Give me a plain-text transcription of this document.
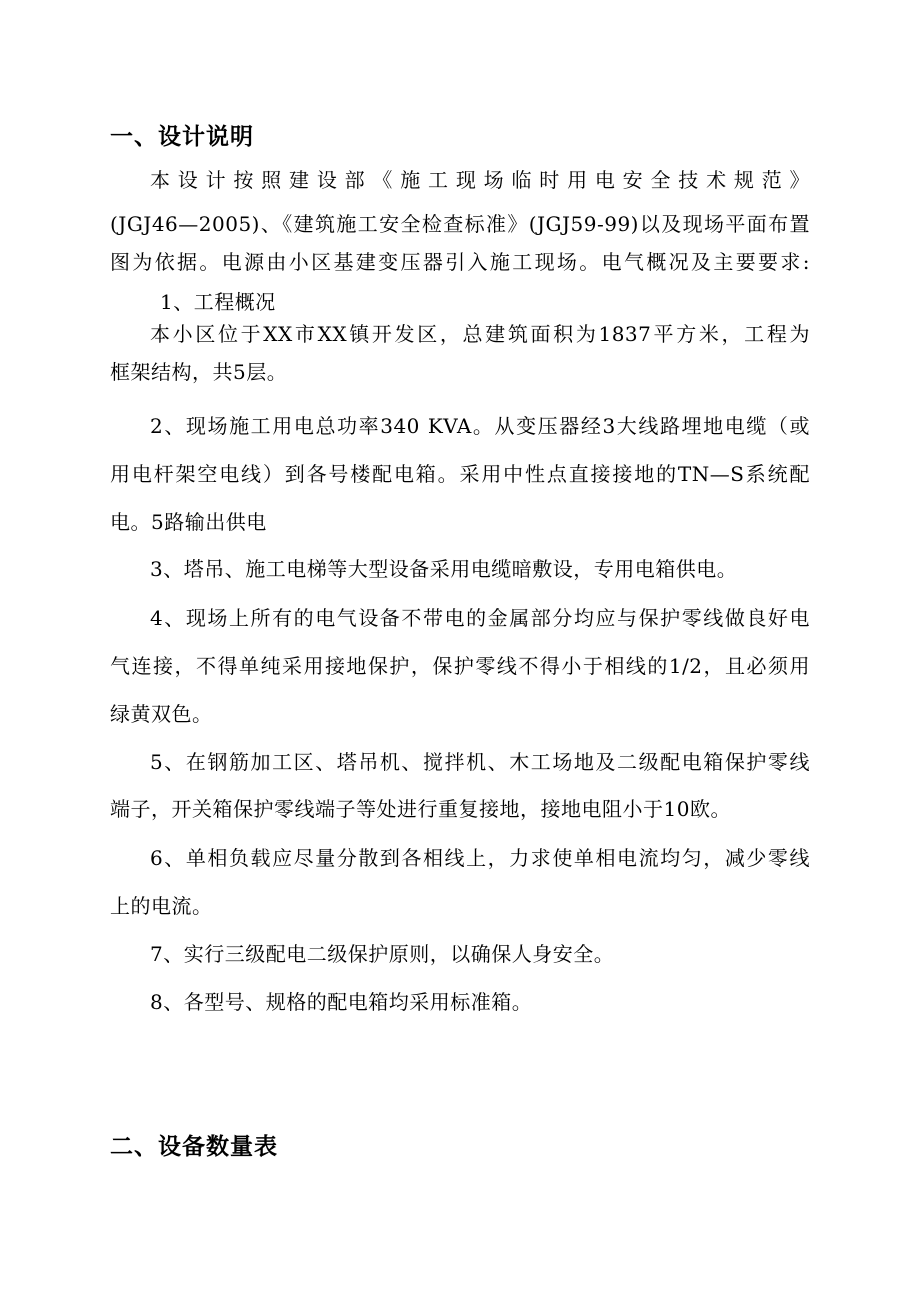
一、设计说明
本设计按照建设部《施工现场临时用电安全技术规范》
(JGJ46—2005)、《建筑施工安全检查标准》(JGJ59-99)以及现场平面布置
图为依据。电源由小区基建变压器引入施工现场。电气概况及主要要求:
1、工程概况
本小区位于XX市XX镇开发区，总建筑面积为1837平方米，工程为
框架结构，共5层。
2、现场施工用电总功率340 KVA。从变压器经3大线路埋地电缆（或
用电杆架空电线）到各号楼配电箱。采用中性点直接接地的TN—S系统配
电。5路输出供电
3、塔吊、施工电梯等大型设备采用电缆暗敷设，专用电箱供电。
4、现场上所有的电气设备不带电的金属部分均应与保护零线做良好电
气连接，不得单纯采用接地保护，保护零线不得小于相线的1/2，且必须用
绿黄双色。
5、在钢筋加工区、塔吊机、搅拌机、木工场地及二级配电箱保护零线
端子，开关箱保护零线端子等处进行重复接地，接地电阻小于10欧。
6、单相负载应尽量分散到各相线上，力求使单相电流均匀，减少零线
上的电流。
7、实行三级配电二级保护原则，以确保人身安全。
8、各型号、规格的配电箱均采用标准箱。
二、设备数量表
